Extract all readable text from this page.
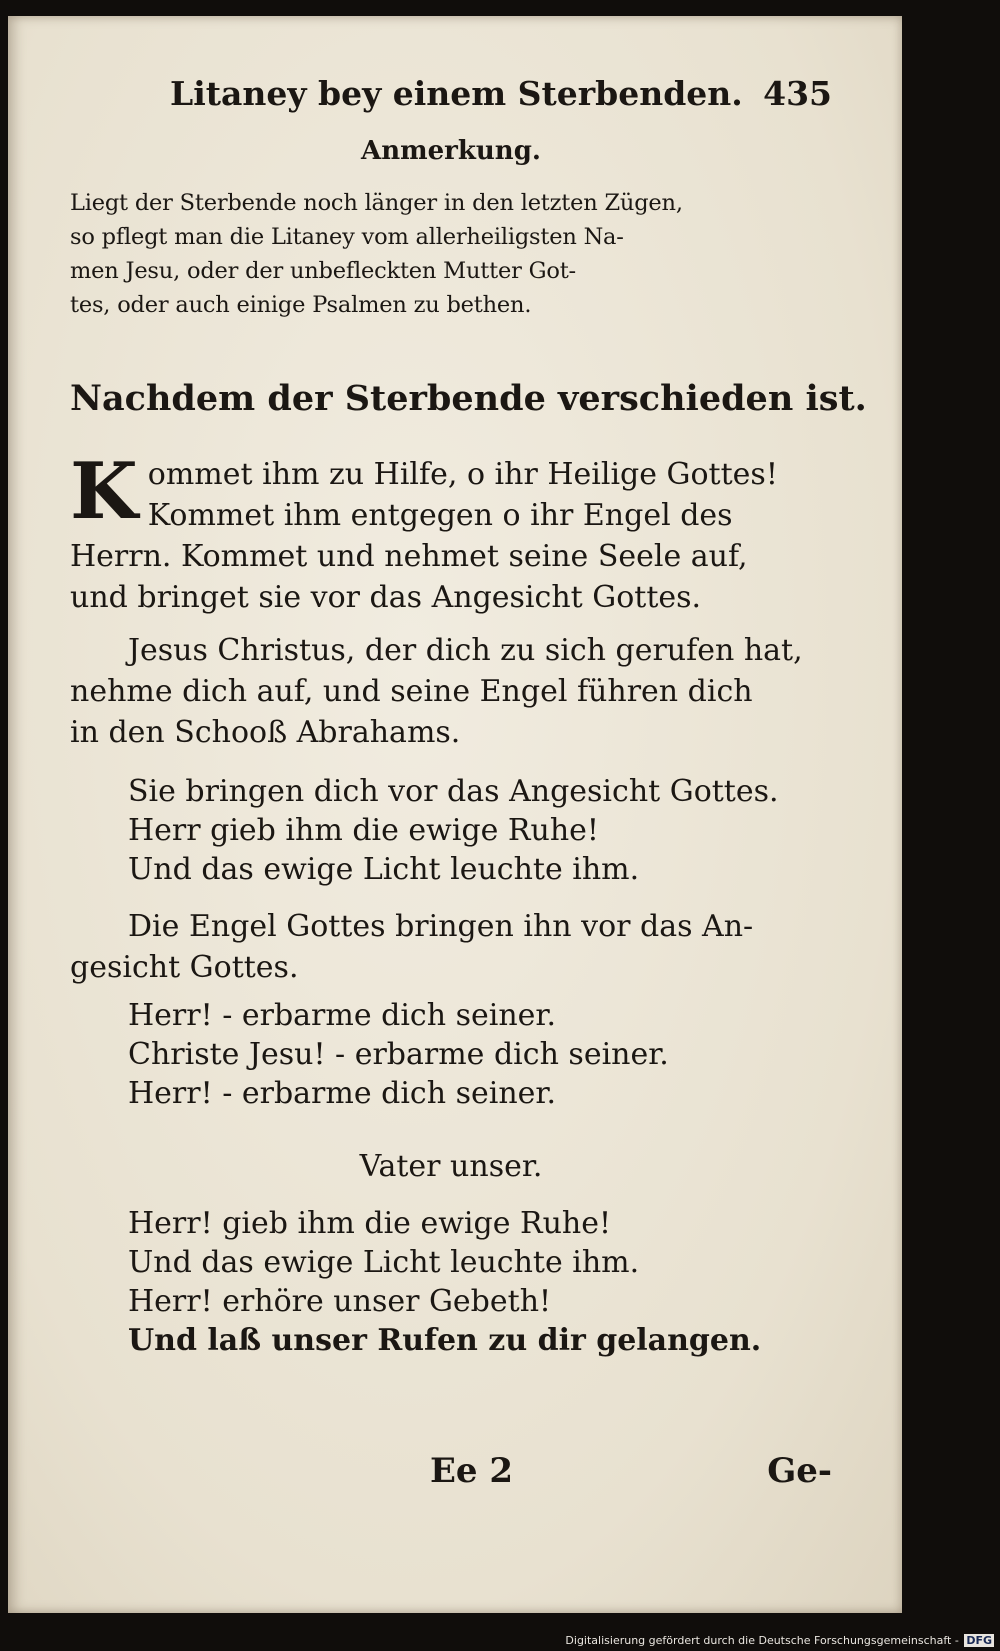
Litaney bey einem Sterbenden. 435
Anmerkung.
Liegt der Sterbende noch länger in den letzten Zügen,
so pflegt man die Litaney vom allerheiligsten Na-
men Jesu, oder der unbefleckten Mutter Got-
tes, oder auch einige Psalmen zu bethen.
Nachdem der Sterbende verschieden ist.
K ommet ihm zu Hilfe, o ihr Heilige Gottes!
Kommet ihm entgegen o ihr Engel des
Herrn. Kommet und nehmet seine Seele auf,
und bringet sie vor das Angesicht Gottes.
Jesus Christus, der dich zu sich gerufen hat,
nehme dich auf, und seine Engel führen dich
in den Schooß Abrahams.
Sie bringen dich vor das Angesicht Gottes.
Herr gieb ihm die ewige Ruhe!
Und das ewige Licht leuchte ihm.
Die Engel Gottes bringen ihn vor das An-
gesicht Gottes.
Herr! - erbarme dich seiner.
Christe Jesu! - erbarme dich seiner.
Herr! - erbarme dich seiner.
Vater unser.
Herr! gieb ihm die ewige Ruhe!
Und das ewige Licht leuchte ihm.
Herr! erhöre unser Gebeth!
Und laß unser Rufen zu dir gelangen.
Ee 2	Ge-
Digitalisierung gefördert durch die Deutsche Forschungsgemeinschaft - DFG
